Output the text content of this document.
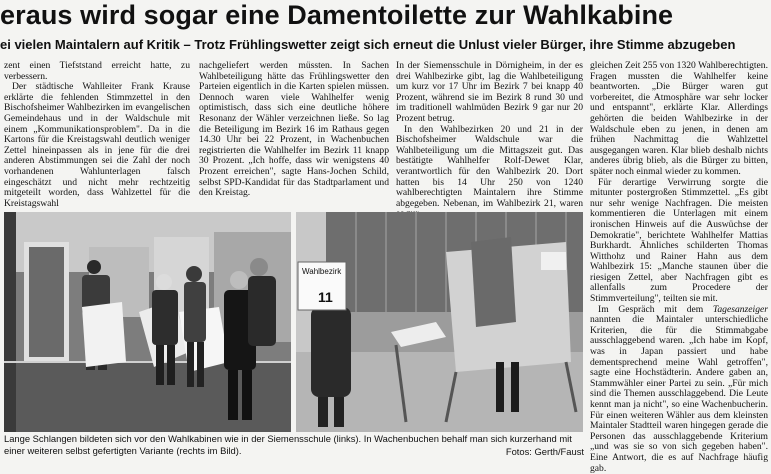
eraus wird sogar eine Damentoilette zur Wahlkabine
ei vielen Maintalern auf Kritik – Trotz Frühlingswetter zeigt sich erneut die Unlust vieler Bürger, ihre Stimme abzugeben

zent einen Tiefststand erreicht hatte, zu verbessern.

Der städtische Wahlleiter Frank Krause erklärte die fehlenden Stimmzettel in den Bischofsheimer Wahlbezirken im evangelischen Gemeindehaus und in der Waldschule mit einem „Kommunikationsproblem". Da in die Kartons für die Kreistagswahl deutlich weniger Zettel hineinpassen als in jene für die drei anderen Abstimmungen sei die Zahl der noch vorhandenen Wahlunterlagen falsch eingeschätzt und nicht mehr rechtzeitig mitgeteilt worden, dass Wahlzettel für die Kreistagswahl

nachgeliefert werden müssten. In Sachen Wahlbeteiligung hätte das Frühlingswetter den Parteien eigentlich in die Karten spielen müssen. Dennoch waren viele Wahlhelfer wenig optimistisch, dass sich eine deutliche höhere Resonanz der Wähler verzeichnen ließe. So lag die Beteiligung im Bezirk 16 im Rathaus gegen 14.30 Uhr bei 22 Prozent, in Wachenbuchen registrierten die Wahlhelfer im Bezirk 11 knapp 30 Prozent. „Ich hoffe, dass wir wenigstens 40 Prozent erreichen", sagte Hans-Jochen Schild, selbst SPD-Kandidat für das Stadtparlament und den Kreistag.

In der Siemensschule in Dörnigheim, in der es drei Wahlbezirke gibt, lag die Wahlbeteiligung um kurz vor 17 Uhr im Bezirk 7 bei knapp 40 Prozent, während sie im Bezirk 8 rund 30 und im traditionell wahlmüden Bezirk 9 gar nur 20 Prozent betrug.

In den Wahlbezirken 20 und 21 in der Bischofsheimer Waldschule war die Wahlbeteiligung um die Mittagszeit gut. Das bestätigte Wahlhelfer Rolf-Dewet Klar, verantwortlich für den Wahlbezirk 20. Dort hatten bis 14 Uhr 250 von 1240 wahlberechtigten Maintalern ihre Stimme abgegeben. Nebenan, im Wahlbezirk 21, waren

gleichen Zeit 255 von 1320 Wahlberechtigten. Fragen mussten die Wahlhelfer keine beantworten. „Die Bürger waren gut vorbereitet, die Atmosphäre war sehr locker und entspannt", erklärte Klar. Allerdings gehörten die beiden Wahlbezirke in der Waldschule eben zu jenen, in denen am frühen Nachmittag die Wahlzettel ausgegangen waren. Klar blieb deshalb nichts anderes übrig blieb, als die Bürger zu bitten, später noch einmal wieder zu kommen.

Für derartige Verwirrung sorgte die mitunter postergroßen Stimmzettel. „Es gibt nur sehr wenige Nachfragen. Die meisten kommentieren die Unterlagen mit einem ironischen Hinweis auf die Auswüchse der Demokratie", berichtete Wahlhelfer Mattias Burkhardt. Ähnliches schilderten Thomas Witthohz und Rainer Hahn aus dem Wahlbezirk 15: „Manche staunen über die riesigen Zettel, aber Nachfragen gibt es allenfalls zum Procedere der Stimmverteilung", teilten sie mit.

Im Gespräch mit dem Tagesanzeiger nannten die Maintaler unterschiedliche Kriterien, die für die Stimmabgabe ausschlaggebend waren. „Ich habe im Kopf, was in Japan passiert und habe dementsprechend meine Wahl getroffen", sagte eine Hochstädterin. Andere gaben an, Stammwähler einer Partei zu sein. „Für mich sind die Themen ausschlaggebend. Die Leute kennt man ja nicht", so eine Wachenbucherin. Für einen weiteren Wähler aus dem kleinsten Maintaler Stadtteil waren hingegen gerade die Personen das ausschlaggebende Kriterium „und was sie so von sich gegeben haben". Eine Antwort, die es auf Nachfrage häufig gab.

Wahlbezirk
11
Lange Schlangen bildeten sich vor den Wahlkabinen wie in der Siemensschule (links). In Wachenbuchen behalf man sich kurzerhand mit einer weiteren selbst gefertigten Variante (rechts im Bild).	Fotos: Gerth/Faust
